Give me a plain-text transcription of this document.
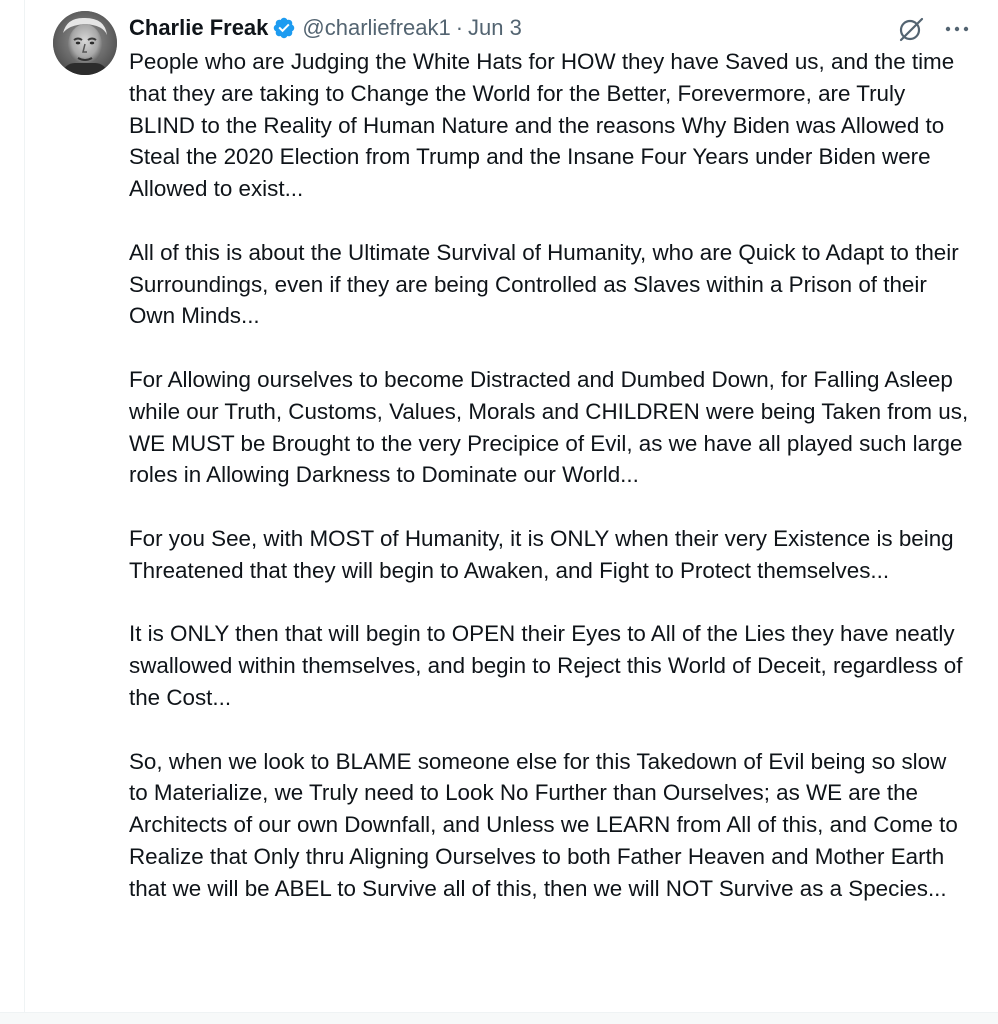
Charlie Freak @charliefreak1 · Jun 3

People who are Judging the White Hats for HOW they have Saved us, and the time that they are taking to Change the World for the Better, Forevermore, are Truly BLIND to the Reality of Human Nature and the reasons Why Biden was Allowed to Steal the 2020 Election from Trump and the Insane Four Years under Biden were Allowed to exist...

All of this is about the Ultimate Survival of Humanity, who are Quick to Adapt to their Surroundings, even if they are being Controlled as Slaves within a Prison of their Own Minds...

For Allowing ourselves to become Distracted and Dumbed Down, for Falling Asleep while our Truth, Customs, Values, Morals and CHILDREN were being Taken from us, WE MUST be Brought to the very Precipice of Evil, as we have all played such large roles in Allowing Darkness to Dominate our World...

For you See, with MOST of Humanity, it is ONLY when their very Existence is being Threatened that they will begin to Awaken, and Fight to Protect themselves...

It is ONLY then that will begin to OPEN their Eyes to All of the Lies they have neatly swallowed within themselves, and begin to Reject this World of Deceit, regardless of the Cost...

So, when we look to BLAME someone else for this Takedown of Evil being so slow to Materialize, we Truly need to Look No Further than Ourselves; as WE are the Architects of our own Downfall, and Unless we LEARN from All of this, and Come to Realize that Only thru Aligning Ourselves to both Father Heaven and Mother Earth that we will be ABEL to Survive all of this, then we will NOT Survive as a Species...
